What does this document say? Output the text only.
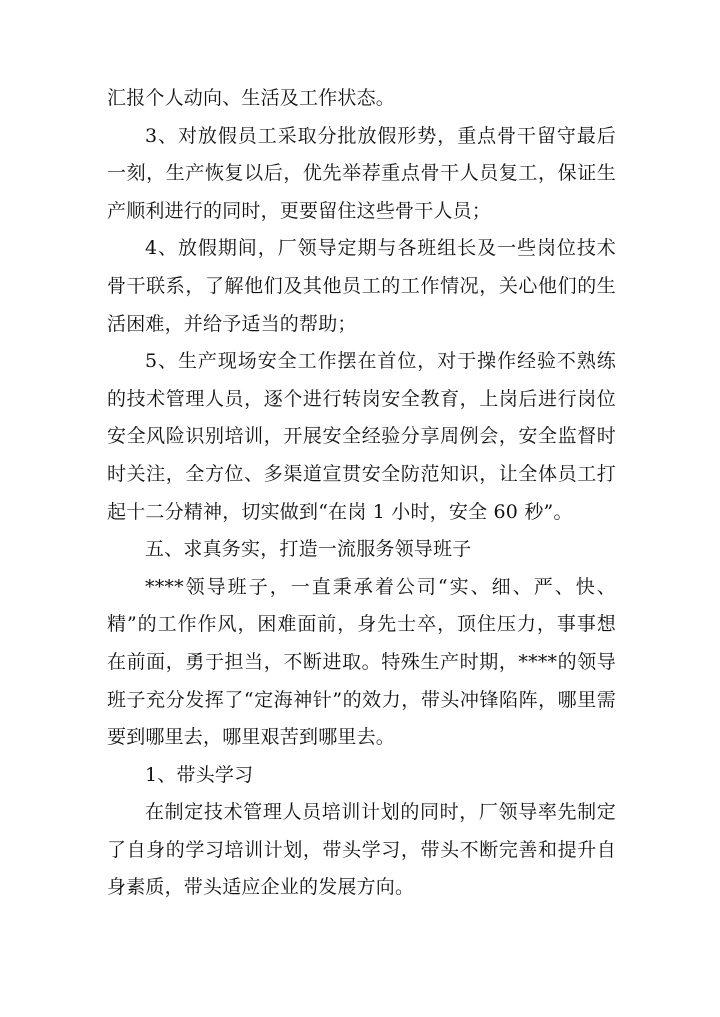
汇报个人动向、生活及工作状态。

3、对放假员工采取分批放假形势，重点骨干留守最后一刻，生产恢复以后，优先举荐重点骨干人员复工，保证生产顺利进行的同时，更要留住这些骨干人员；

4、放假期间，厂领导定期与各班组长及一些岗位技术骨干联系，了解他们及其他员工的工作情况，关心他们的生活困难，并给予适当的帮助；

5、生产现场安全工作摆在首位，对于操作经验不熟练的技术管理人员，逐个进行转岗安全教育，上岗后进行岗位安全风险识别培训，开展安全经验分享周例会，安全监督时时关注，全方位、多渠道宣贯安全防范知识，让全体员工打起十二分精神，切实做到“在岗 1 小时，安全 60 秒”。

五、求真务实，打造一流服务领导班子

****领导班子，一直秉承着公司“实、细、严、快、精”的工作作风，困难面前，身先士卒，顶住压力，事事想在前面，勇于担当，不断进取。特殊生产时期，****的领导班子充分发挥了“定海神针”的效力，带头冲锋陷阵，哪里需要到哪里去，哪里艰苦到哪里去。

1、带头学习

在制定技术管理人员培训计划的同时，厂领导率先制定了自身的学习培训计划，带头学习，带头不断完善和提升自身素质，带头适应企业的发展方向。
